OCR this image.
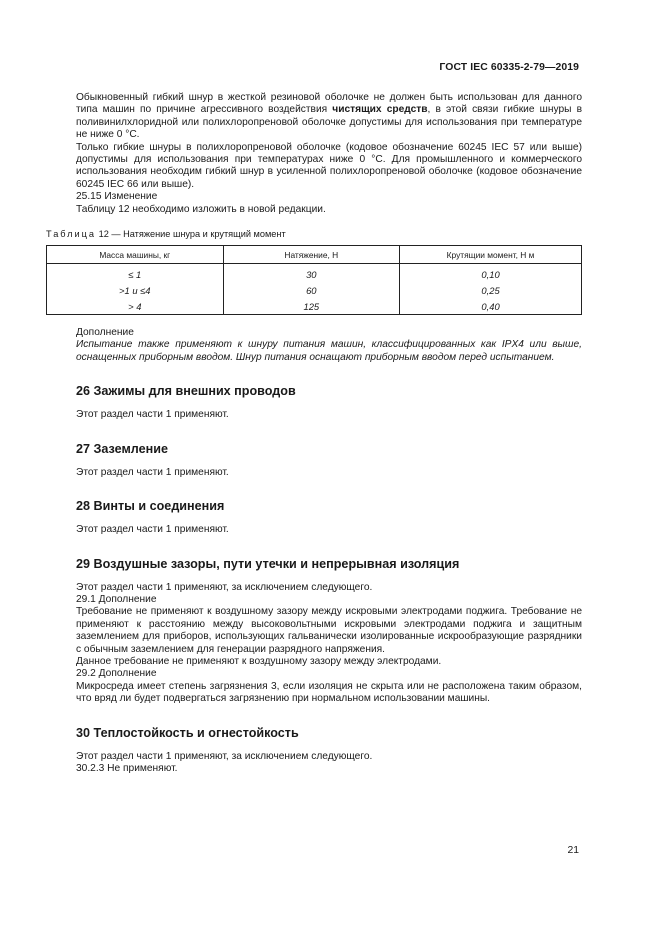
ГОСТ IEC 60335-2-79—2019

Обыкновенный гибкий шнур в жесткой резиновой оболочке не должен быть использован для данного типа машин по причине агрессивного воздействия чистящих средств, в этой связи гибкие шнуры в поливинилхлоридной или полихлоропреновой оболочке допустимы для использования при температуре не ниже 0 °С.

Только гибкие шнуры в полихлоропреновой оболочке (кодовое обозначение 60245 IEC 57 или выше) допустимы для использования при температурах ниже 0 °С. Для промышленного и коммерческого использования необходим гибкий шнур в усиленной полихлоропреновой оболочке (кодовое обозначение 60245 IEC 66 или выше).

25.15 Изменение

Таблицу 12 необходимо изложить в новой редакции.

Таблица 12 — Натяжение шнура и крутящий момент
Масса машины, кг	Натяжение, Н	Крутящии момент, Н м
≤ 1	30	0,10
>1 и ≤4	60	0,25
> 4	125	0,40

Дополнение

Испытание также применяют к шнуру питания машин, классифицированных как IPX4 или выше, оснащенных приборным вводом. Шнур питания оснащают приборным вводом перед испытанием.

26 Зажимы для внешних проводов

Этот раздел части 1 применяют.

27 Заземление

Этот раздел части 1 применяют.

28 Винты и соединения

Этот раздел части 1 применяют.

29 Воздушные зазоры, пути утечки и непрерывная изоляция

Этот раздел части 1 применяют, за исключением следующего.

29.1 Дополнение

Требование не применяют к воздушному зазору между искровыми электродами поджига. Требование не применяют к расстоянию между высоковольтными искровыми электродами поджига и защитным заземлением для приборов, использующих гальванически изолированные искрообразующие разрядники с обычным заземлением для генерации разрядного напряжения.

Данное требование не применяют к воздушному зазору между электродами.

29.2 Дополнение

Микросреда имеет степень загрязнения 3, если изоляция не скрыта или не расположена таким образом, что вряд ли будет подвергаться загрязнению при нормальном использовании машины.

30 Теплостойкость и огнестойкость

Этот раздел части 1 применяют, за исключением следующего.

30.2.3 Не применяют.

21
